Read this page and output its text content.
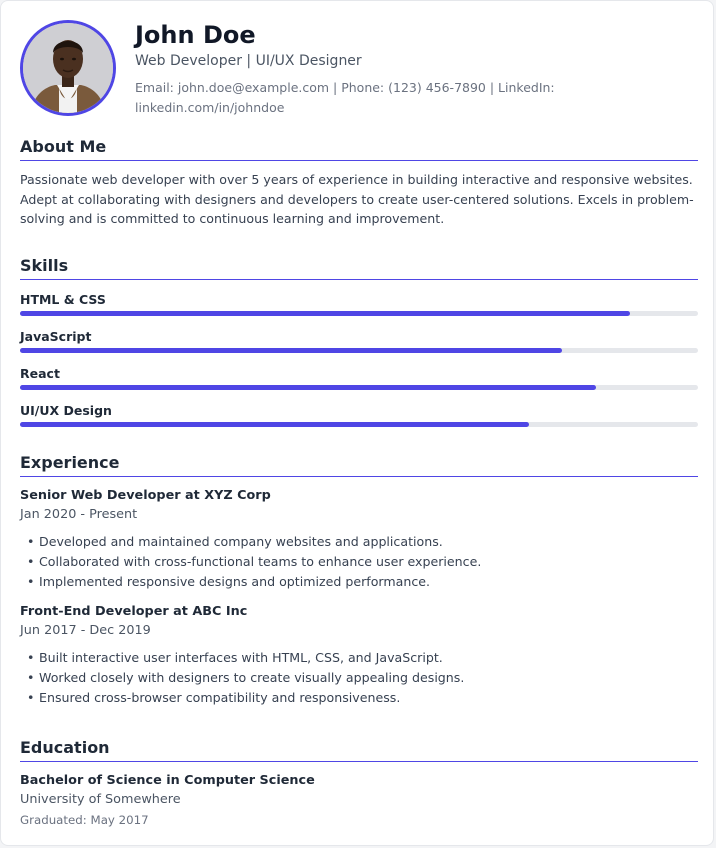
John Doe
Web Developer | UI/UX Designer
Email: john.doe@example.com | Phone: (123) 456-7890 | LinkedIn: linkedin.com/in/johndoe
About Me
Passionate web developer with over 5 years of experience in building interactive and responsive websites. Adept at collaborating with designers and developers to create user-centered solutions. Excels in problem-solving and is committed to continuous learning and improvement.
Skills
HTML & CSS
JavaScript
React
UI/UX Design
Experience
Senior Web Developer at XYZ Corp
Jan 2020 - Present
• Developed and maintained company websites and applications.
• Collaborated with cross-functional teams to enhance user experience.
• Implemented responsive designs and optimized performance.
Front-End Developer at ABC Inc
Jun 2017 - Dec 2019
• Built interactive user interfaces with HTML, CSS, and JavaScript.
• Worked closely with designers to create visually appealing designs.
• Ensured cross-browser compatibility and responsiveness.
Education
Bachelor of Science in Computer Science
University of Somewhere
Graduated: May 2017
